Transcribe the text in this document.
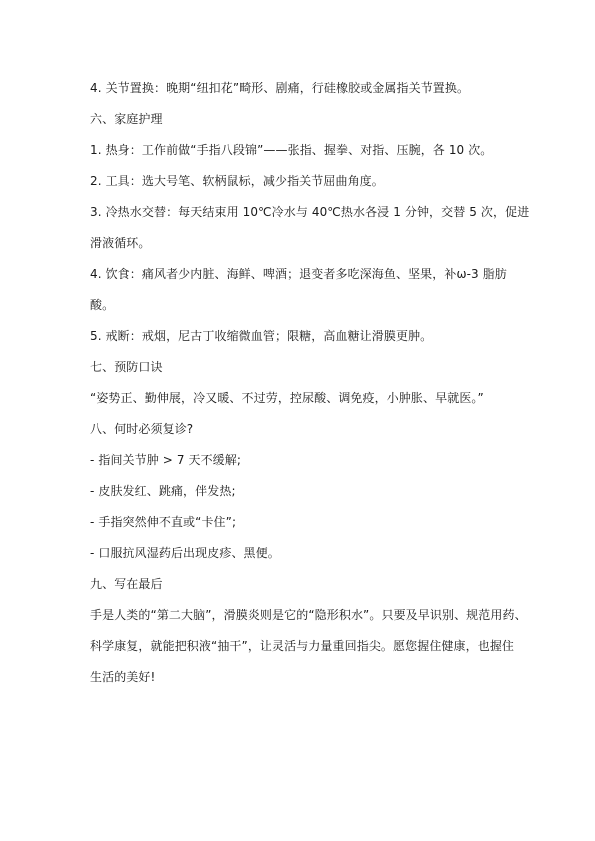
4. 关节置换：晚期“纽扣花”畸形、剧痛，行硅橡胶或金属指关节置换。
六、家庭护理
1. 热身：工作前做“手指八段锦”——张指、握拳、对指、压腕，各 10 次。
2. 工具：选大号笔、软柄鼠标，减少指关节屈曲角度。
3. 冷热水交替：每天结束用 10℃冷水与 40℃热水各浸 1 分钟，交替 5 次，促进
滑液循环。
4. 饮食：痛风者少内脏、海鲜、啤酒；退变者多吃深海鱼、坚果，补ω-3 脂肪
酸。
5. 戒断：戒烟，尼古丁收缩微血管；限糖，高血糖让滑膜更肿。
七、预防口诀
“姿势正、勤伸展，冷又暖、不过劳，控尿酸、调免疫，小肿胀、早就医。”
八、何时必须复诊?
- 指间关节肿 > 7 天不缓解;
- 皮肤发红、跳痛，伴发热;
- 手指突然伸不直或“卡住”;
- 口服抗风湿药后出现皮疹、黑便。
九、写在最后
手是人类的“第二大脑”，滑膜炎则是它的“隐形积水”。只要及早识别、规范用药、
科学康复，就能把积液“抽干”，让灵活与力量重回指尖。愿您握住健康，也握住
生活的美好!
